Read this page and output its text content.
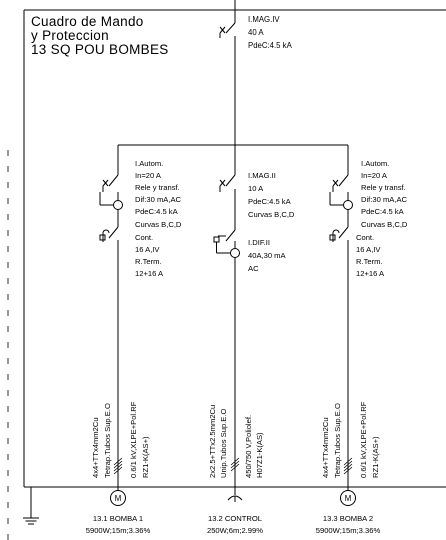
Cuadro de Mando
y Proteccion
13 SQ POU BOMBES
I.MAG.IV
40 A
PdeC:4.5 kA
M
I.Autom.
In=20 A
Rele y transf.
Dif:30 mA,AC
PdeC:4.5 kA
Curvas B,C,D
Cont.
16 A,IV
R.Term.
12+16 A
4x4+TTx4mm2Cu Tetrap.Tubos Sup.E.O 0.6/1 kV,XLPE+Pol.RF RZ1-K(AS+)
13.1 BOMBA 1
5900W;15m;3.36%
I.MAG.II
10 A
PdeC:4.5 kA
Curvas B,C,D
I.DIF.II
40A,30 mA
AC
2x2.5+TTx2.5mm2Cu Unip.Tubos Sup.E.O 450/750 V,Poliolef. H07Z1-K(AS)
13.2 CONTROL
250W;6m;2.99%
M
I.Autom.
In=20 A
Rele y transf.
Dif:30 mA,AC
PdeC:4.5 kA
Curvas B,C,D
Cont.
16 A,IV
R.Term.
12+16 A
4x4+TTx4mm2Cu Tetrap.Tubos Sup.E.O 0.6/1 kV,XLPE+Pol.RF RZ1-K(AS+)
13.3 BOMBA 2
5900W;15m;3.36%
